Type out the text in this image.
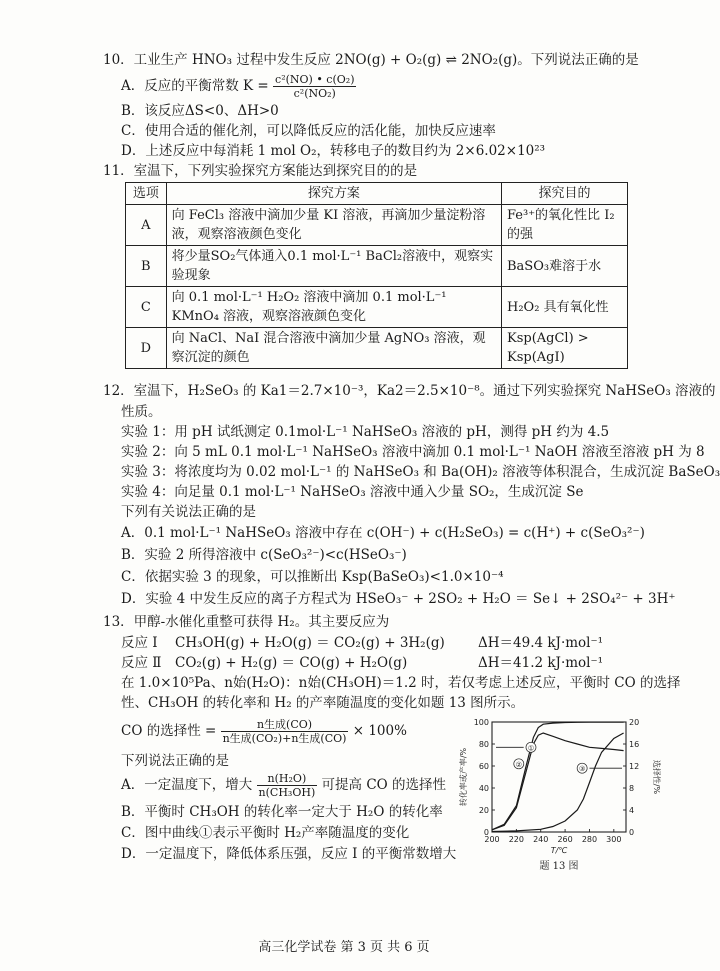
10．工业生产 HNO₃ 过程中发生反应 2NO(g) + O₂(g) ⇌ 2NO₂(g)。下列说法正确的是
A．反应的平衡常数 $K = \frac{\text{c²(NO) • c(O₂)}}{\text{c²(NO₂)}}$
B．该反应ΔS<0、ΔH>0
C．使用合适的催化剂，可以降低反应的活化能，加快反应速率
D．上述反应中每消耗 1 mol O₂，转移电子的数目约为 2×6.02×10²³
11．室温下，下列实验探究方案能达到探究目的的是
选项	探究方案	探究目的
A	向 FeCl₃ 溶液中滴加少量 KI 溶液，再滴加少量淀粉溶液，观察溶液颜色变化	Fe³⁺的氧化性比 I₂ 的强
B	将少量SO₂气体通入0.1 mol·L⁻¹ BaCl₂溶液中，观察实验现象	BaSO₃难溶于水
C	向 0.1 mol·L⁻¹ H₂O₂ 溶液中滴加 0.1 mol·L⁻¹ KMnO₄ 溶液，观察溶液颜色变化	H₂O₂ 具有氧化性
D	向 NaCl、NaI 混合溶液中滴加少量 AgNO₃ 溶液，观察沉淀的颜色	Ksp(AgCl) > Ksp(AgI)
12．室温下，H₂SeO₃ 的 Ka1＝2.7×10⁻³，Ka2＝2.5×10⁻⁸。通过下列实验探究 NaHSeO₃ 溶液的
性质。
实验 1：用 pH 试纸测定 0.1mol·L⁻¹ NaHSeO₃ 溶液的 pH，测得 pH 约为 4.5
实验 2：向 5 mL 0.1 mol·L⁻¹ NaHSeO₃ 溶液中滴加 0.1 mol·L⁻¹ NaOH 溶液至溶液 pH 为 8
实验 3：将浓度均为 0.02 mol·L⁻¹ 的 NaHSeO₃ 和 Ba(OH)₂ 溶液等体积混合，生成沉淀 BaSeO₃
实验 4：向足量 0.1 mol·L⁻¹ NaHSeO₃ 溶液中通入少量 SO₂，生成沉淀 Se
下列有关说法正确的是
A．0.1 mol·L⁻¹ NaHSeO₃ 溶液中存在 c(OH⁻) + c(H₂SeO₃) = c(H⁺) + c(SeO₃²⁻)
B．实验 2 所得溶液中 c(SeO₃²⁻)<c(HSeO₃⁻)
C．依据实验 3 的现象，可以推断出 Ksp(BaSeO₃)<1.0×10⁻⁴
D．实验 4 中发生反应的离子方程式为 HSeO₃⁻ + 2SO₂ + H₂O ＝ Se↓ + 2SO₄²⁻ + 3H⁺
13．甲醇-水催化重整可获得 H₂。其主要反应为
反应 Ⅰ CH₃OH(g) + H₂O(g) ＝ CO₂(g) + 3H₂(g) ΔH＝49.4 kJ·mol⁻¹
反应 Ⅱ CO₂(g) + H₂(g) ＝ CO(g) + H₂O(g)	ΔH＝41.2 kJ·mol⁻¹
在 1.0×10⁵Pa、n始(H₂O)：n始(CH₃OH)＝1.2 时，若仅考虑上述反应，平衡时 CO 的选择
性、CH₃OH 的转化率和 H₂ 的产率随温度的变化如题 13 图所示。
CO 的选择性 = $\frac{\text{n生成(CO)}}{\text{n生成(CO₂)+n生成(CO)}} \times 100\%$
下列说法正确的是
A．一定温度下，增大 $\frac{\text{n(H₂O)}}{\text{n(CH₃OH)}}$ 可提高 CO 的选择性
B．平衡时 CH₃OH 的转化率一定大于 H₂O 的转化率
C．图中曲线①表示平衡时 H₂产率随温度的变化
D．一定温度下，降低体系压强，反应 Ⅰ 的平衡常数增大
200 220 240 260 280 300
0
20
40
60
80
100
0
4
8
12
16
20
T/℃
转化率或产率/%	选择性/%
题 13 图
①
②
③
高三化学试卷 第 3 页 共 6 页
